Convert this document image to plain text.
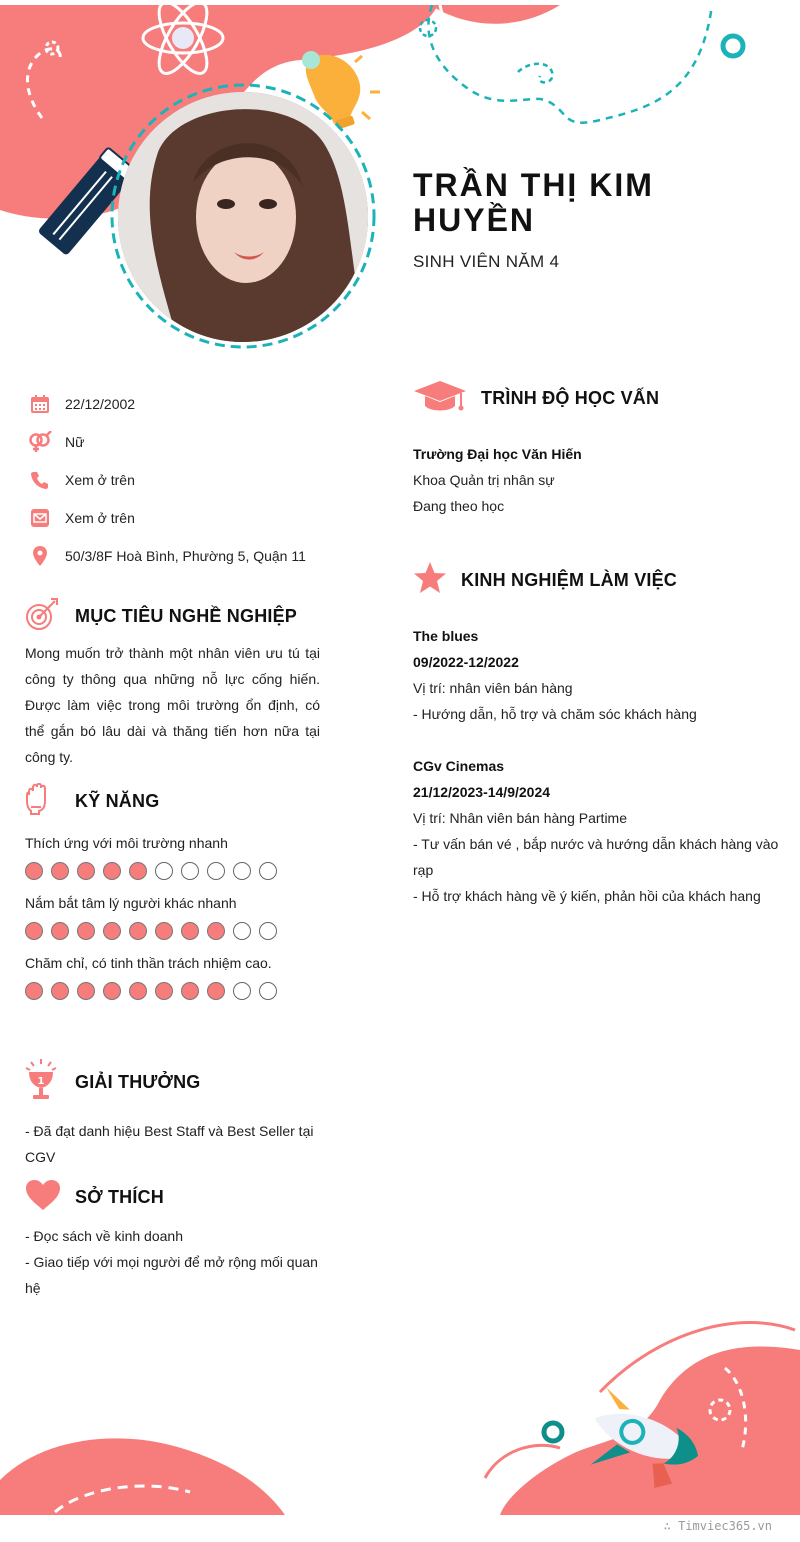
TRẦN THỊ KIM
HUYỀN
SINH VIÊN NĂM 4
22/12/2002
Nữ
Xem ở trên
Xem ở trên
50/3/8F Hoà Bình, Phường 5, Quận 11
MỤC TIÊU NGHỀ NGHIỆP
Mong muốn trở thành một nhân viên ưu tú tại công ty thông qua những nỗ lực cống hiến. Được làm việc trong môi trường ổn định, có thể gắn bó lâu dài và thăng tiến hơn nữa tại công ty.
KỸ NĂNG
Thích ứng với môi trường nhanh
Nắm bắt tâm lý người khác nhanh
Chăm chỉ, có tinh thần trách nhiệm cao.
1 GIẢI THƯỞNG
- Đã đạt danh hiệu Best Staff và Best Seller tại
CGV
SỞ THÍCH
- Đọc sách về kinh doanh
- Giao tiếp với mọi người để mở rộng mối quan
hệ
TRÌNH ĐỘ HỌC VẤN
Trường Đại học Văn Hiến
Khoa Quản trị nhân sự
Đang theo học
KINH NGHIỆM LÀM VIỆC
The blues
09/2022-12/2022
Vị trí: nhân viên bán hàng
- Hướng dẫn, hỗ trợ và chăm sóc khách hàng
CGv Cinemas
21/12/2023-14/9/2024
Vị trí: Nhân viên bán hàng Partime
- Tư vấn bán vé , bắp nước và hướng dẫn khách hàng vào
rạp
- Hỗ trợ khách hàng về ý kiến, phản hồi của khách hang
∴ Timviec365.vn
